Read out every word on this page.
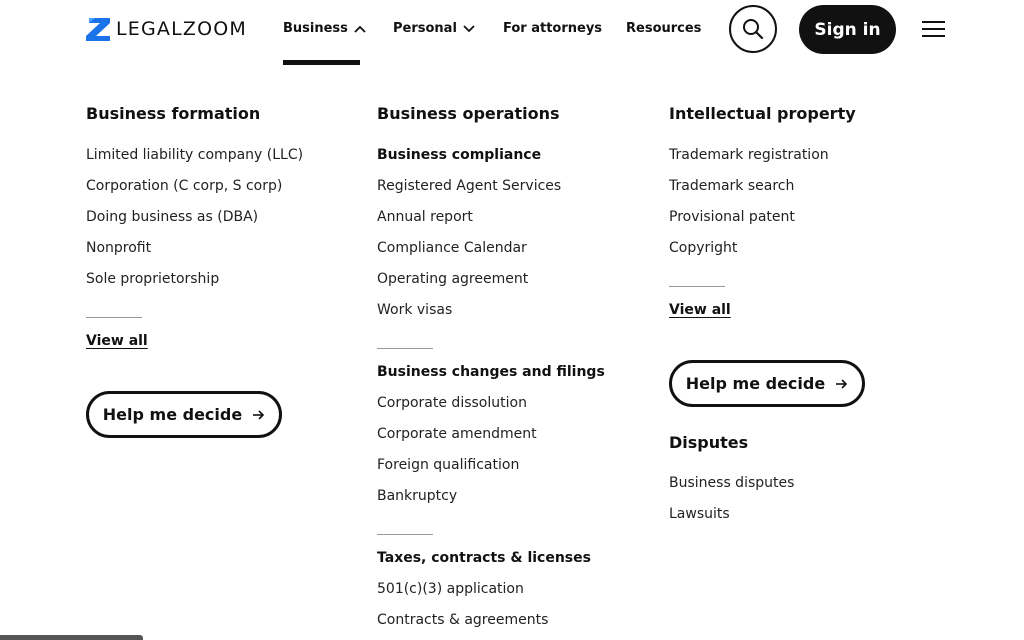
LEGALZOOM	Business	Personal	For attorneys Resources	Sign in
Business formation
Limited liability company (LLC)
Corporation (C corp, S corp)
Doing business as (DBA)
Nonprofit
Sole proprietorship
View all
Help me decide
Business operations
Business compliance
Registered Agent Services
Annual report
Compliance Calendar
Operating agreement
Work visas
Business changes and filings
Corporate dissolution
Corporate amendment
Foreign qualification
Bankruptcy
Taxes, contracts & licenses
501(c)(3) application
Contracts & agreements
Intellectual property
Trademark registration
Trademark search
Provisional patent
Copyright
View all
Help me decide
Disputes
Business disputes
Lawsuits
